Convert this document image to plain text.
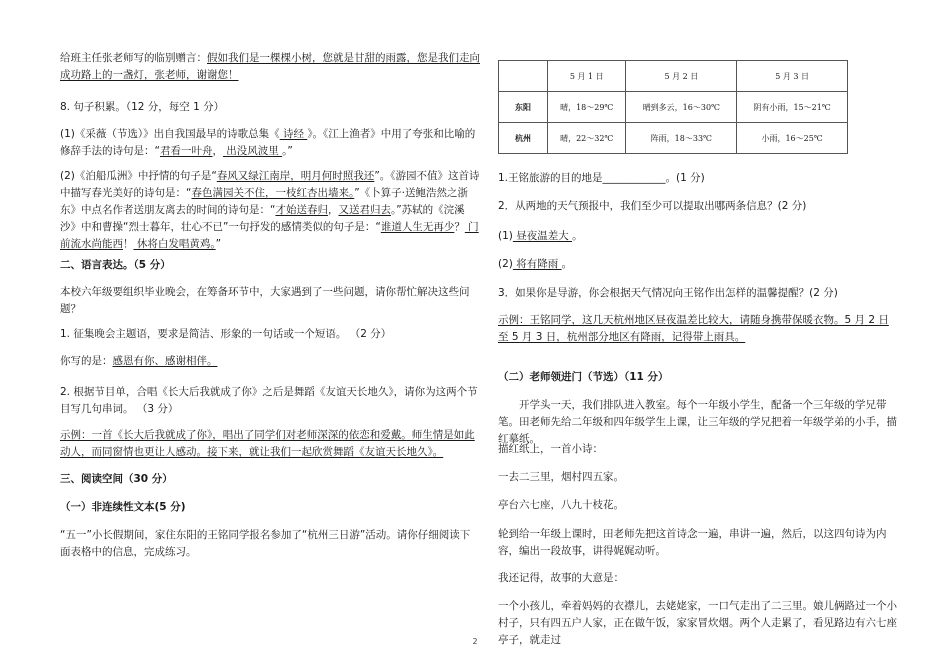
给班主任张老师写的临别赠言：假如我们是一棵棵小树，您就是甘甜的雨露，您是我们走向成功路上的一盏灯，张老师，谢谢您！
8. 句子积累。（12 分，每空 1 分）
(1)《采薇（节选）》出自我国最早的诗歌总集《 诗经 》。《江上渔者》中用了夸张和比喻的修辞手法的诗句是：“君看一叶舟， 出没风波里 。”
(2)《泊船瓜洲》中抒情的句子是“春风又绿江南岸，明月何时照我还”。《游园不值》这首诗中描写春光美好的诗句是：“春色满园关不住，一枝红杏出墙来。”《卜算子·送鲍浩然之浙东》中点名作者送朋友离去的时间的诗句是：“才始送春归，又送君归去。”苏轼的《浣溪沙》中和曹操“烈士暮年，壮心不已”一句抒发的感情类似的句子是：“谁道人生无再少？ 门前流水尚能西！ 休将白发唱黄鸡。”
二、语言表达。（5 分）
本校六年级要组织毕业晚会，在筹备环节中，大家遇到了一些问题，请你帮忙解决这些问题？
1. 征集晚会主题语，要求是简洁、形象的一句话或一个短语。 （2 分）
你写的是：感恩有你、感谢相伴。
2. 根据节目单，合唱《长大后我就成了你》之后是舞蹈《友谊天长地久》，请你为这两个节目写几句串词。 （3 分）
示例：一首《长大后我就成了你》，唱出了同学们对老师深深的依恋和爱戴。师生情是如此动人，而同窗情也更让人感动。接下来，就让我们一起欣赏舞蹈《友谊天长地久》。
三、阅读空间（30 分）
（一）非连续性文本(5 分)
“五一”小长假期间，家住东阳的王铭同学报名参加了“杭州三日游”活动。请你仔细阅读下面表格中的信息，完成练习。
	5 月 1 日	5 月 2 日	5 月 3 日
东阳	晴，18～29℃	晴到多云，16～30℃	阴有小雨，15～21℃
杭州	晴，22～32℃	阵雨，18～33℃	小雨，16～25℃
1.王铭旅游的目的地是____________。(1 分)
2．从两地的天气预报中，我们至少可以提取出哪两条信息？(2 分)
(1) 昼夜温差大 。
(2) 将有降雨 。
3．如果你是导游，你会根据天气情况向王铭作出怎样的温馨提醒？(2 分)
示例：王铭同学，这几天杭州地区昼夜温差比较大，请随身携带保暖衣物。5 月 2 日至 5 月 3 日，杭州部分地区有降雨，记得带上雨具。
（二）老师领进门（节选）（11 分）
开学头一天，我们排队进入教室。每个一年级小学生，配备一个三年级的学兄带笔。田老师先给二年级和四年级学生上课，让三年级的学兄把着一年级学弟的小手，描红摹纸。
描红纸上，一首小诗：
一去二三里，烟村四五家。
亭台六七座，八九十枝花。
轮到给一年级上课时，田老师先把这首诗念一遍，串讲一遍，然后，以这四句诗为内容，编出一段故事，讲得娓娓动听。
我还记得，故事的大意是：
一个小孩儿，牵着妈妈的衣襟儿，去姥姥家，一口气走出了二三里。娘儿俩路过一个小村子，只有四五户人家，正在做午饭，家家冒炊烟。两个人走累了，看见路边有六七座亭子，就走过
2
